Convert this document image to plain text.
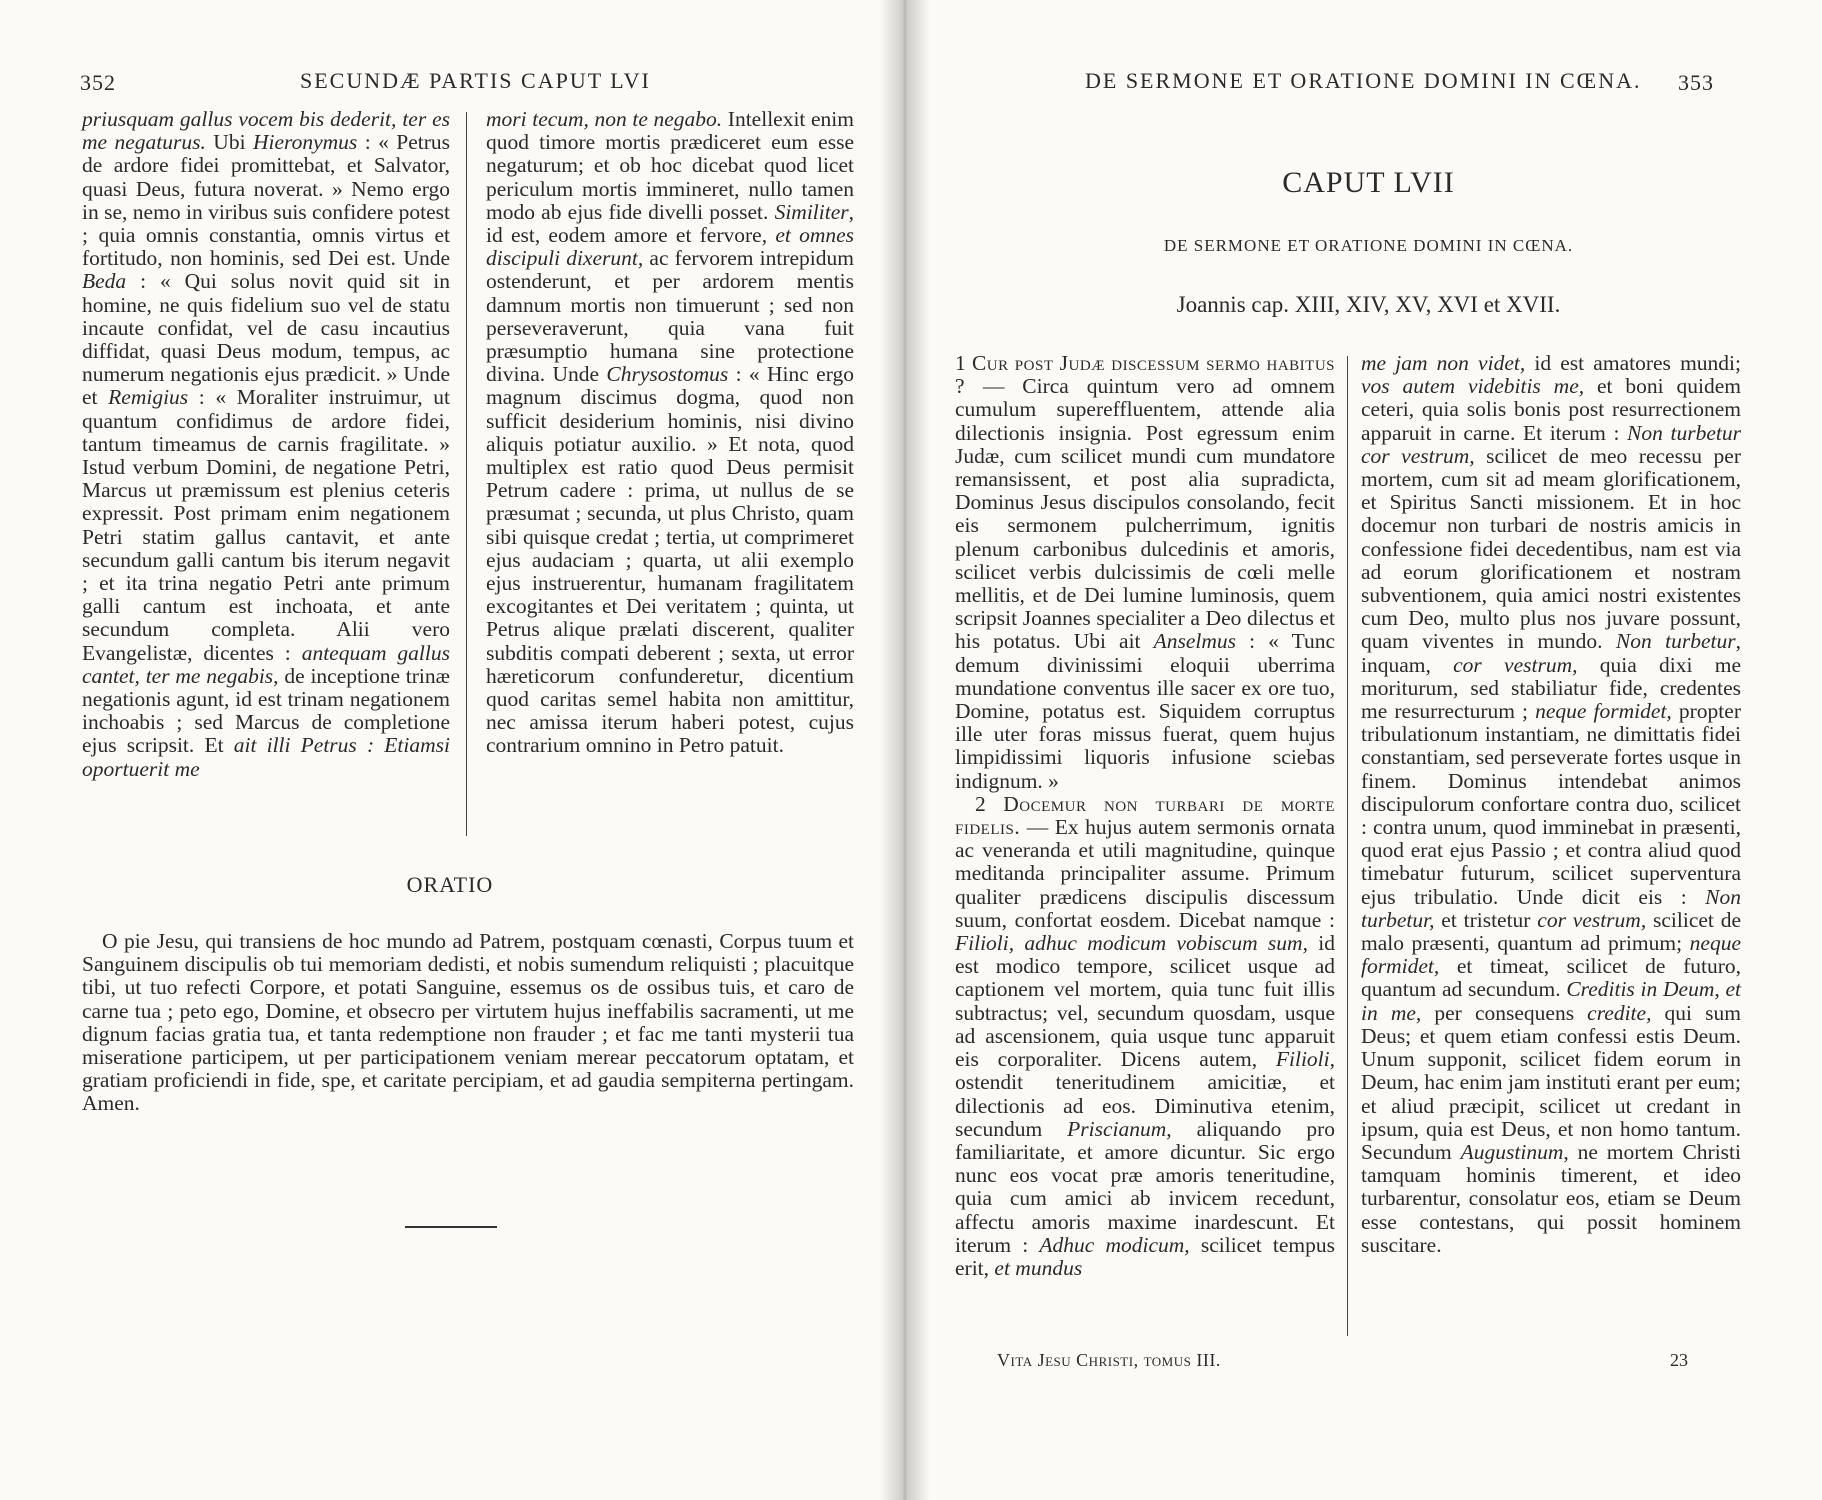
352	SECUNDÆ PARTIS CAPUT LVI

priusquam gallus vocem bis dederit, ter es me negaturus. Ubi Hieronymus : « Petrus de ardore fidei promittebat, et Salvator, quasi Deus, futura noverat. » Nemo ergo in se, nemo in viribus suis confidere potest ; quia omnis constantia, omnis virtus et fortitudo, non hominis, sed Dei est. Unde Beda : « Qui solus novit quid sit in homine, ne quis fidelium suo vel de statu incaute confidat, vel de casu incautius diffidat, quasi Deus modum, tempus, ac numerum negationis ejus prædicit. » Unde et Remigius : « Moraliter instruimur, ut quantum confidimus de ardore fidei, tantum timeamus de carnis fragilitate. » Istud verbum Domini, de negatione Petri, Marcus ut præmissum est plenius ceteris expressit. Post primam enim negationem Petri statim gallus cantavit, et ante secundum galli cantum bis iterum negavit ; et ita trina negatio Petri ante primum galli cantum est inchoata, et ante secundum completa. Alii vero Evangelistæ, dicentes : antequam gallus cantet, ter me negabis, de inceptione trinæ negationis agunt, id est trinam negationem inchoabis ; sed Marcus de completione ejus scripsit. Et ait illi Petrus : Etiamsi oportuerit me

mori tecum, non te negabo. Intellexit enim quod timore mortis prædiceret eum esse negaturum; et ob hoc dicebat quod licet periculum mortis immineret, nullo tamen modo ab ejus fide divelli posset. Similiter, id est, eodem amore et fervore, et omnes discipuli dixerunt, ac fervorem intrepidum ostenderunt, et per ardorem mentis damnum mortis non timuerunt ; sed non perseveraverunt, quia vana fuit præsumptio humana sine protectione divina. Unde Chrysostomus : « Hinc ergo magnum discimus dogma, quod non sufficit desiderium hominis, nisi divino aliquis potiatur auxilio. » Et nota, quod multiplex est ratio quod Deus permisit Petrum cadere : prima, ut nullus de se præsumat ; secunda, ut plus Christo, quam sibi quisque credat ; tertia, ut comprimeret ejus audaciam ; quarta, ut alii exemplo ejus instruerentur, humanam fragilitatem excogitantes et Dei veritatem ; quinta, ut Petrus alique prælati discerent, qualiter subditis compati deberent ; sexta, ut error hæreticorum confunderetur, dicentium quod caritas semel habita non amittitur, nec amissa iterum haberi potest, cujus contrarium omnino in Petro patuit.

ORATIO
O pie Jesu, qui transiens de hoc mundo ad Patrem, postquam cœnasti, Corpus tuum et Sanguinem discipulis ob tui memoriam dedisti, et nobis sumendum reliquisti ; placuitque tibi, ut tuo refecti Corpore, et potati Sanguine, essemus os de ossibus tuis, et caro de carne tua ; peto ego, Domine, et obsecro per virtutem hujus ineffabilis sacramenti, ut me dignum facias gratia tua, et tanta redemptione non frauder ; et fac me tanti mysterii tua miseratione participem, ut per participationem veniam merear peccatorum optatam, et gratiam proficiendi in fide, spe, et caritate percipiam, et ad gaudia sempiterna pertingam. Amen.
DE SERMONE ET ORATIONE DOMINI IN CŒNA. 353
CAPUT LVII
DE SERMONE ET ORATIONE DOMINI IN CŒNA.
Joannis cap. XIII, XIV, XV, XVI et XVII.

1 Cur post Judæ discessum sermo habitus ? — Circa quintum vero ad omnem cumulum supereffluentem, attende alia dilectionis insignia. Post egressum enim Judæ, cum scilicet mundi cum mundatore remansissent, et post alia supradicta, Dominus Jesus discipulos consolando, fecit eis sermonem pulcherrimum, ignitis plenum carbonibus dulcedinis et amoris, scilicet verbis dulcissimis de cœli melle mellitis, et de Dei lumine luminosis, quem scripsit Joannes specialiter a Deo dilectus et his potatus. Ubi ait Anselmus : « Tunc demum divinissimi eloquii uberrima mundatione conventus ille sacer ex ore tuo, Domine, potatus est. Siquidem corruptus ille uter foras missus fuerat, quem hujus limpidissimi liquoris infusione sciebas indignum. »

2 Docemur non turbari de morte fidelis. — Ex hujus autem sermonis ornata ac veneranda et utili magnitudine, quinque meditanda principaliter assume. Primum qualiter prædicens discipulis discessum suum, confortat eosdem. Dicebat namque : Filioli, adhuc modicum vobiscum sum, id est modico tempore, scilicet usque ad captionem vel mortem, quia tunc fuit illis subtractus; vel, secundum quosdam, usque ad ascensionem, quia usque tunc apparuit eis corporaliter. Dicens autem, Filioli, ostendit teneritudinem amicitiæ, et dilectionis ad eos. Diminutiva etenim, secundum Priscianum, aliquando pro familiaritate, et amore dicuntur. Sic ergo nunc eos vocat præ amoris teneritudine, quia cum amici ab invicem recedunt, affectu amoris maxime inardescunt. Et iterum : Adhuc modicum, scilicet tempus erit, et mundus

me jam non videt, id est amatores mundi; vos autem videbitis me, et boni quidem ceteri, quia solis bonis post resurrectionem apparuit in carne. Et iterum : Non turbetur cor vestrum, scilicet de meo recessu per mortem, cum sit ad meam glorificationem, et Spiritus Sancti missionem. Et in hoc docemur non turbari de nostris amicis in confessione fidei decedentibus, nam est via ad eorum glorificationem et nostram subventionem, quia amici nostri existentes cum Deo, multo plus nos juvare possunt, quam viventes in mundo. Non turbetur, inquam, cor vestrum, quia dixi me moriturum, sed stabiliatur fide, credentes me resurrecturum ; neque formidet, propter tribulationum instantiam, ne dimittatis fidei constantiam, sed perseverate fortes usque in finem. Dominus intendebat animos discipulorum confortare contra duo, scilicet : contra unum, quod imminebat in præsenti, quod erat ejus Passio ; et contra aliud quod timebatur futurum, scilicet superventura ejus tribulatio. Unde dicit eis : Non turbetur, et tristetur cor vestrum, scilicet de malo præsenti, quantum ad primum; neque formidet, et timeat, scilicet de futuro, quantum ad secundum. Creditis in Deum, et in me, per consequens credite, qui sum Deus; et quem etiam confessi estis Deum. Unum supponit, scilicet fidem eorum in Deum, hac enim jam instituti erant per eum; et aliud præcipit, scilicet ut credant in ipsum, quia est Deus, et non homo tantum. Secundum Augustinum, ne mortem Christi tamquam hominis timerent, et ideo turbarentur, consolatur eos, etiam se Deum esse contestans, qui possit hominem suscitare.

Vita Jesu Christi, tomus III.	23
